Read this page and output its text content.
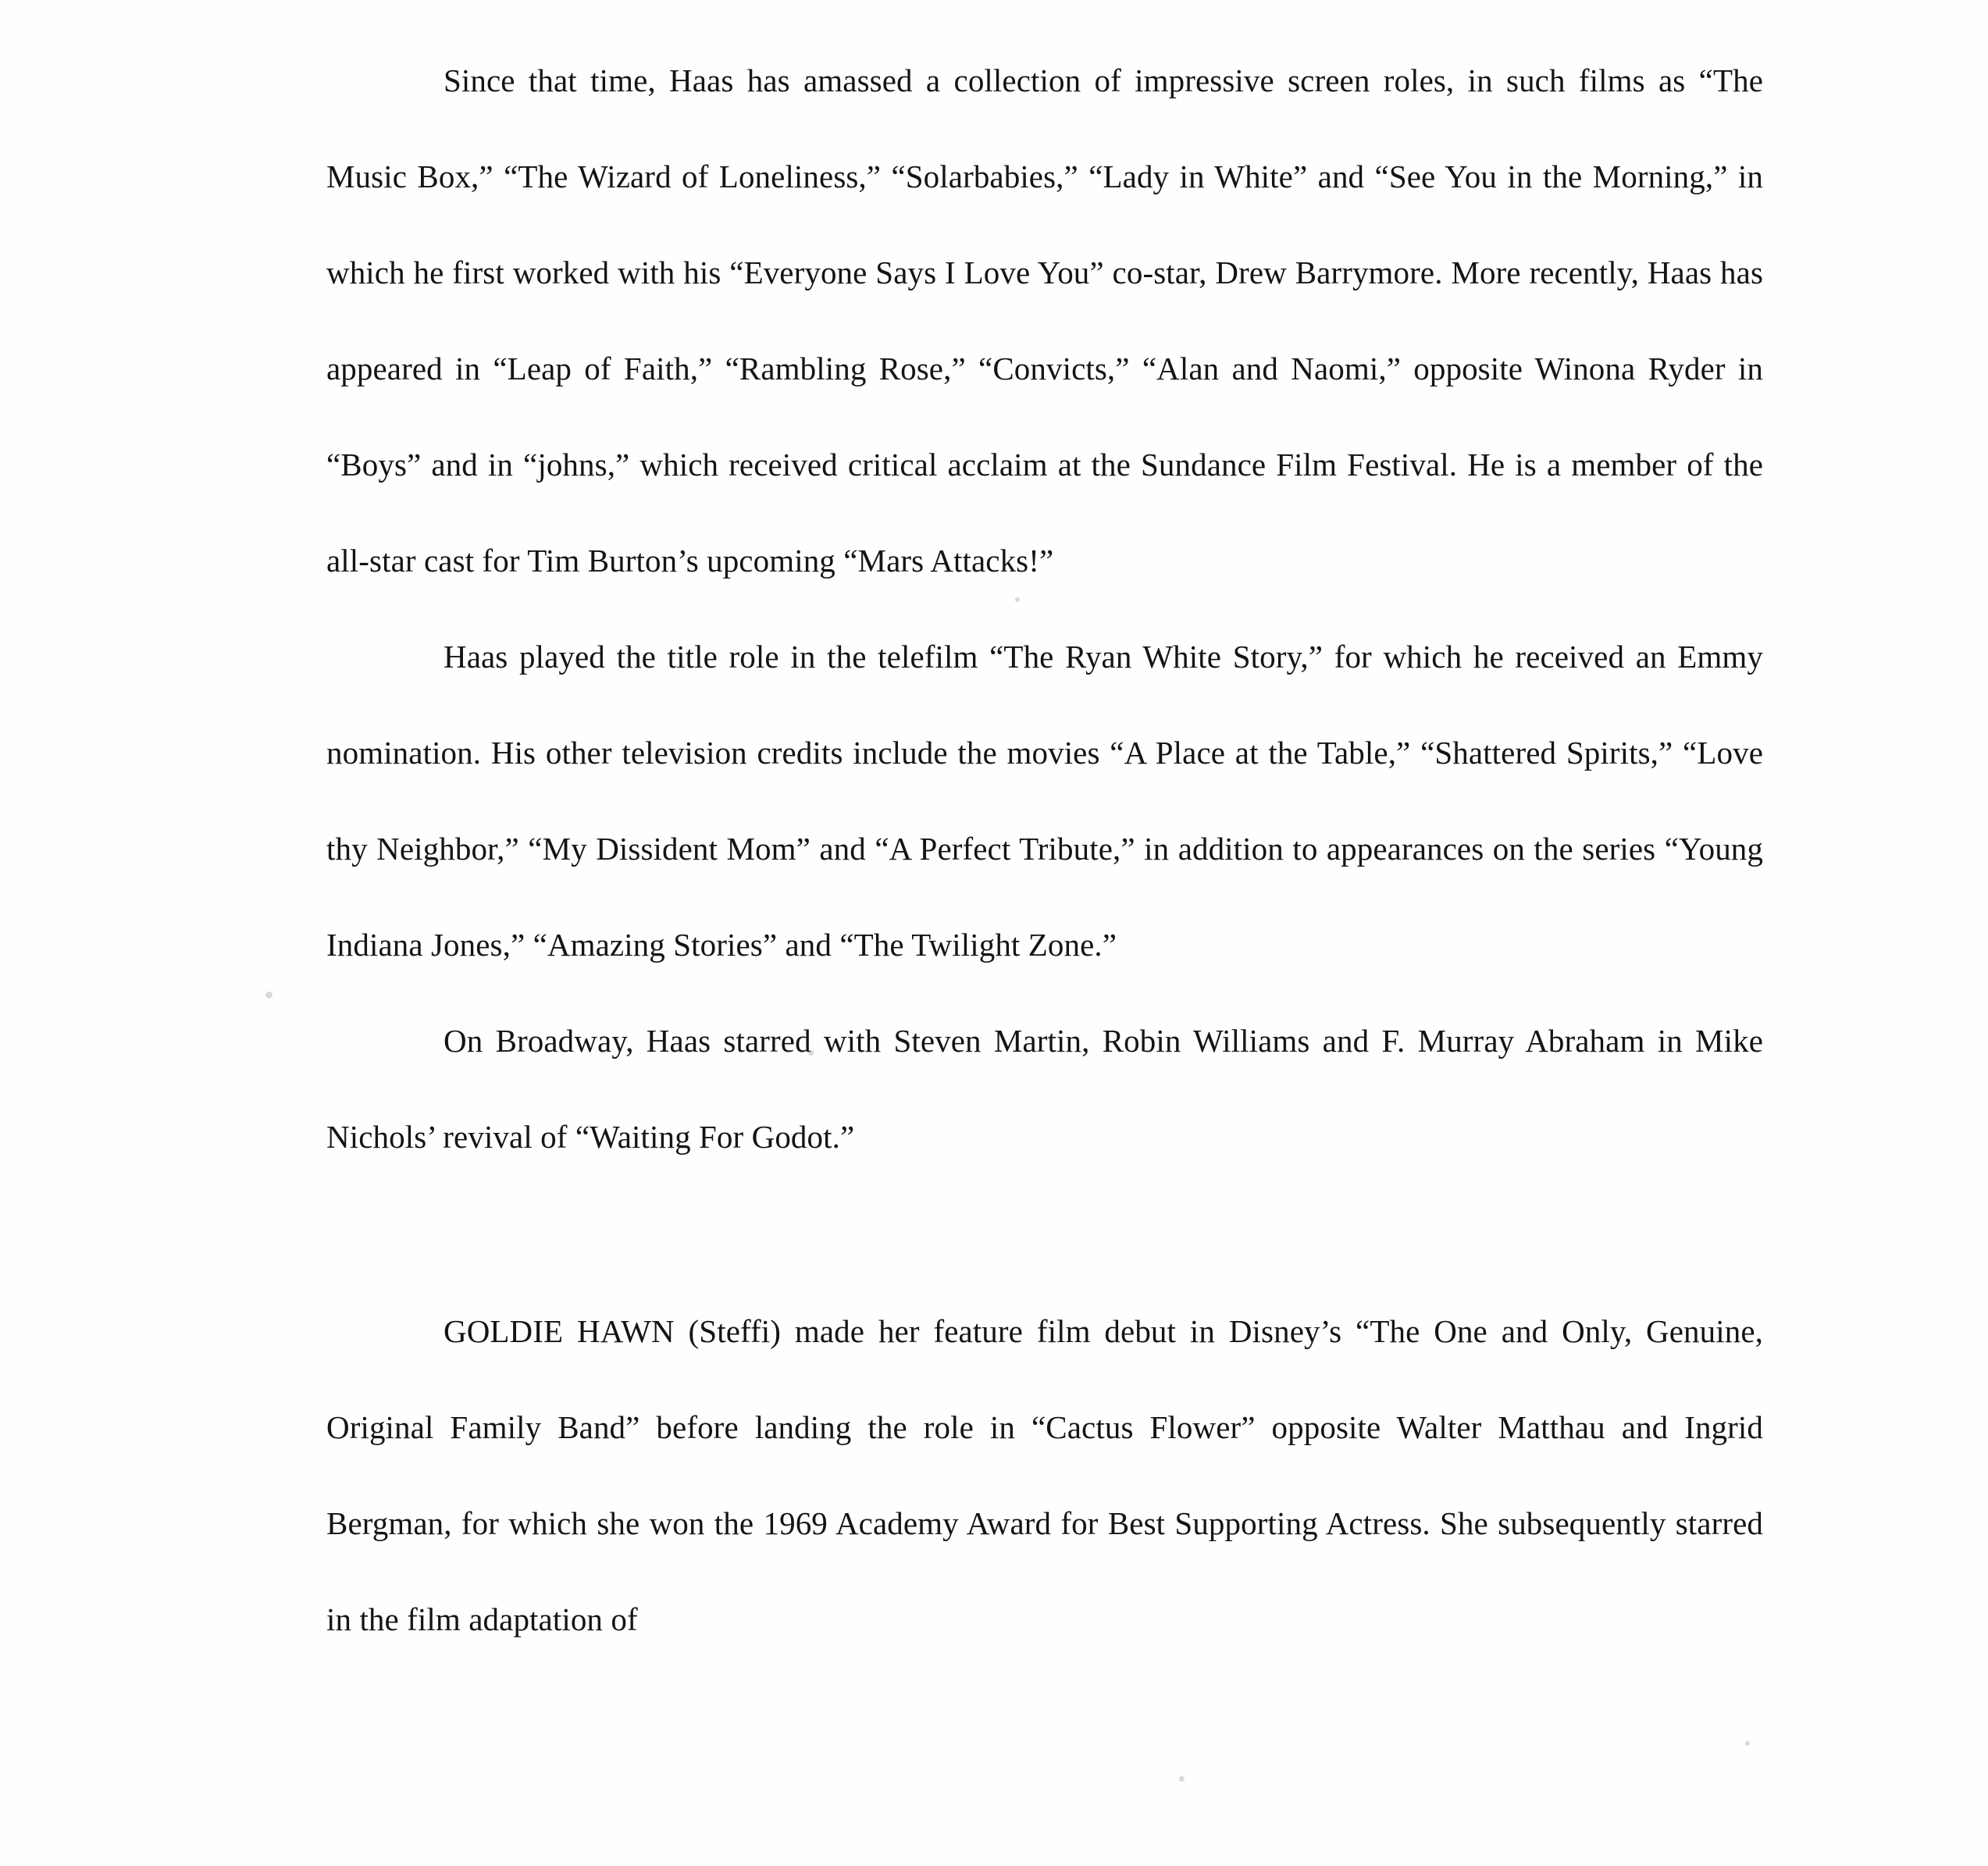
Since that time, Haas has amassed a collection of impressive screen roles, in such films as “The Music Box,” “The Wizard of Loneliness,” “Solarbabies,” “Lady in White” and “See You in the Morning,” in which he first worked with his “Everyone Says I Love You” co-star, Drew Barrymore. More recently, Haas has appeared in “Leap of Faith,” “Rambling Rose,” “Convicts,” “Alan and Naomi,” opposite Winona Ryder in “Boys” and in “johns,” which received critical acclaim at the Sundance Film Festival. He is a member of the all-star cast for Tim Burton’s upcoming “Mars Attacks!”

Haas played the title role in the telefilm “The Ryan White Story,” for which he received an Emmy nomination. His other television credits include the movies “A Place at the Table,” “Shattered Spirits,” “Love thy Neighbor,” “My Dissident Mom” and “A Perfect Tribute,” in addition to appearances on the series “Young Indiana Jones,” “Amazing Stories” and “The Twilight Zone.”

On Broadway, Haas starred with Steven Martin, Robin Williams and F. Murray Abraham in Mike Nichols’ revival of “Waiting For Godot.”

GOLDIE HAWN (Steffi) made her feature film debut in Disney’s “The One and Only, Genuine, Original Family Band” before landing the role in “Cactus Flower” opposite Walter Matthau and Ingrid Bergman, for which she won the 1969 Academy Award for Best Supporting Actress. She subsequently starred in the film adaptation of
